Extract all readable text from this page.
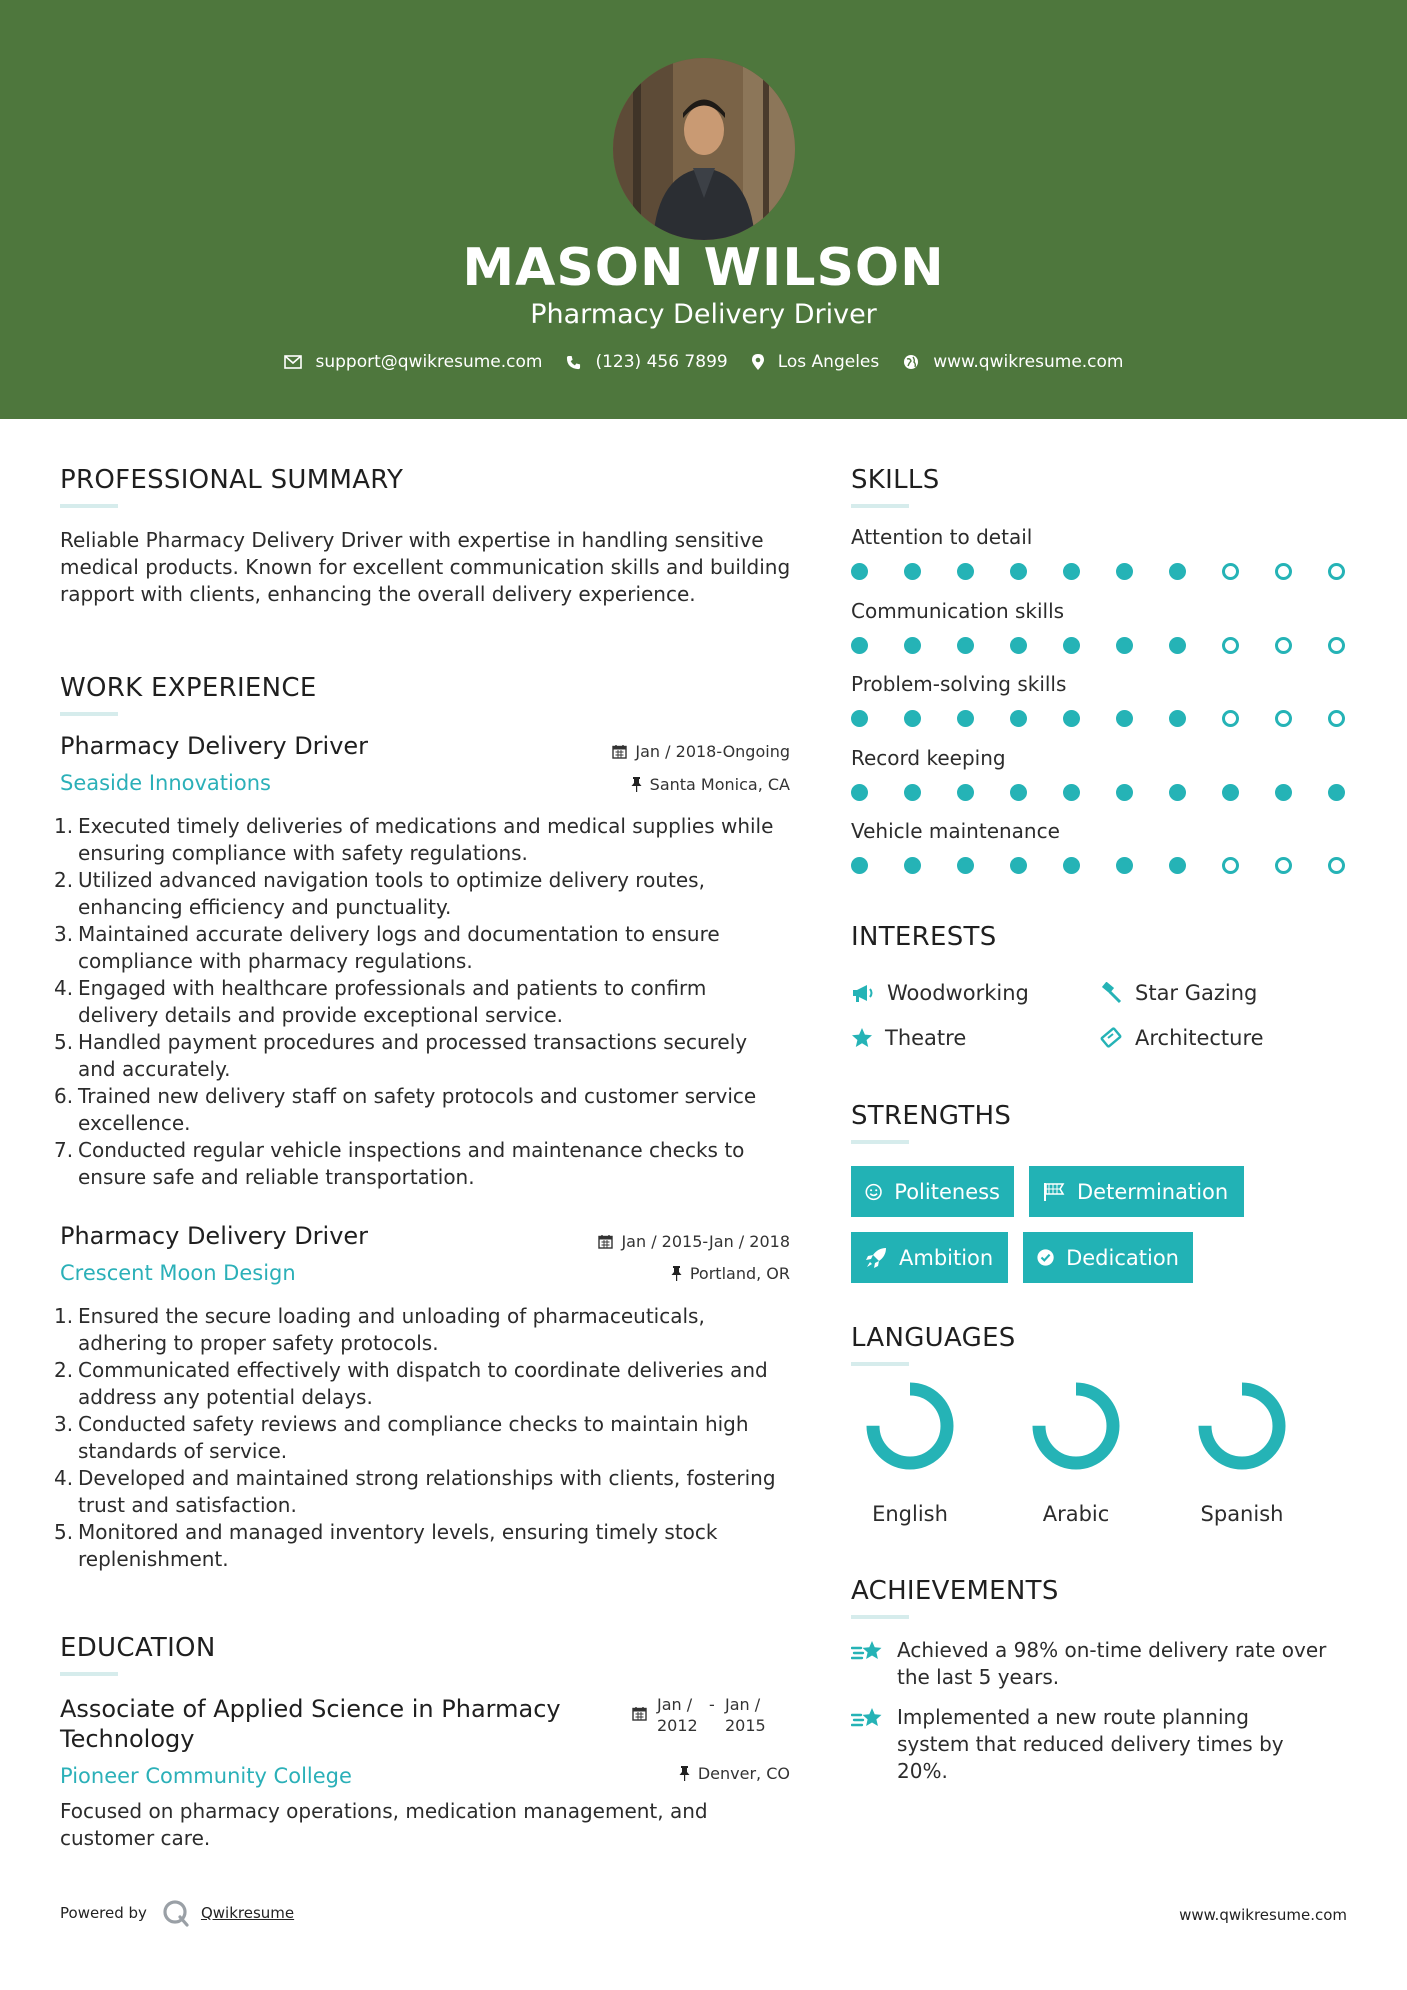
MASON WILSON
Pharmacy Delivery Driver
support@qwikresume.com	(123) 456 7899	Los Angeles	www.qwikresume.com
PROFESSIONAL SUMMARY
Reliable Pharmacy Delivery Driver with expertise in handling sensitive medical products. Known for excellent communication skills and building rapport with clients, enhancing the overall delivery experience.
WORK EXPERIENCE
Pharmacy Delivery Driver	Jan / 2018-Ongoing
Seaside Innovations	Santa Monica, CA
1. Executed timely deliveries of medications and medical supplies while ensuring compliance with safety regulations.
2. Utilized advanced navigation tools to optimize delivery routes, enhancing efficiency and punctuality.
3. Maintained accurate delivery logs and documentation to ensure compliance with pharmacy regulations.
4. Engaged with healthcare professionals and patients to confirm delivery details and provide exceptional service.
5. Handled payment procedures and processed transactions securely and accurately.
6. Trained new delivery staff on safety protocols and customer service excellence.
7. Conducted regular vehicle inspections and maintenance checks to ensure safe and reliable transportation.
Pharmacy Delivery Driver	Jan / 2015-Jan / 2018
Crescent Moon Design	Portland, OR
1. Ensured the secure loading and unloading of pharmaceuticals, adhering to proper safety protocols.
2. Communicated effectively with dispatch to coordinate deliveries and address any potential delays.
3. Conducted safety reviews and compliance checks to maintain high standards of service.
4. Developed and maintained strong relationships with clients, fostering trust and satisfaction.
5. Monitored and managed inventory levels, ensuring timely stock replenishment.
EDUCATION
Associate of Applied Science in Pharmacy Technology
Jan / 2012
- Jan / 2015
Pioneer Community College	Denver, CO
Focused on pharmacy operations, medication management, and customer care.
SKILLS
Attention to detail
Communication skills
Problem-solving skills
Record keeping
Vehicle maintenance
INTERESTS
Woodworking	Star Gazing
Theatre	Architecture
STRENGTHS
Politeness	Determination
Ambition	Dedication
LANGUAGES
English	Arabic	Spanish
ACHIEVEMENTS
Achieved a 98% on-time delivery rate over the last 5 years.
Implemented a new route planning system that reduced delivery times by 20%.
Powered by	Qwikresume	www.qwikresume.com
